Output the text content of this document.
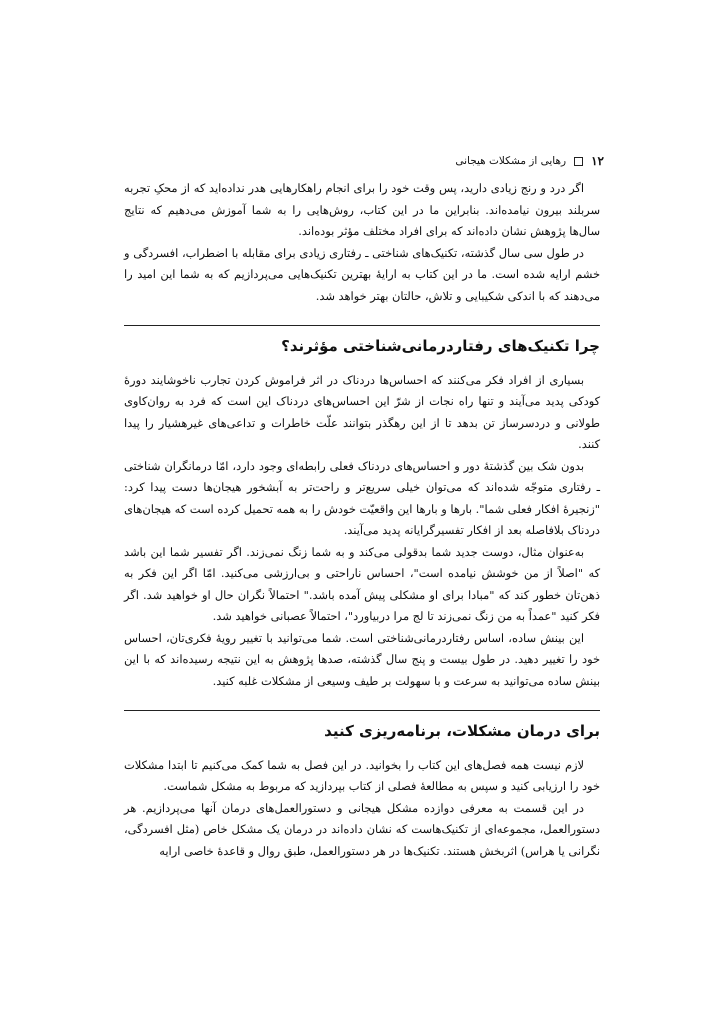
۱۲
رهایی از مشکلات هیجانی

اگر درد و رنج زیادی دارید، پس وقت خود را برای انجام راهکارهایی هدر نداده‌اید که از محکِ تجربه سربلند بیرون نیامده‌اند. بنابراین ما در این کتاب، روش‌هایی را به شما آموزش می‌دهیم که نتایج سال‌ها پژوهش نشان داده‌اند که برای افراد مختلف مؤثر بوده‌اند.

در طول سی سال گذشته، تکنیک‌های شناختی ـ رفتاری زیادی برای مقابله با اضطراب، افسردگی و خشم ارایه شده است. ما در این کتاب به ارایهٔ بهترین تکنیک‌هایی می‌پردازیم که به شما این امید را می‌دهند که با اندکی شکیبایی و تلاش، حالتان بهتر خواهد شد.

چرا تکنیک‌های رفتاردرمانی‌شناختی مؤثرند؟

بسیاری از افراد فکر می‌کنند که احساس‌ها دردناک در اثر فراموش کردن تجارب ناخوشایند دورهٔ کودکی پدید می‌آیند و تنها راه نجات از شرّ این احساس‌های دردناک این است که فرد به روان‌کاوی طولانی و دردسرساز تن بدهد تا از این رهگذر بتوانند علّت خاطرات و تداعی‌های غیرهشیار را پیدا کنند.

بدون شک بین گذشتهٔ دور و احساس‌های دردناک فعلی رابطه‌ای وجود دارد، امّا درمانگران شناختی ـ رفتاری متوجّه شده‌اند که می‌توان خیلی سریع‌تر و راحت‌تر به آبشخور هیجان‌ها دست پیدا کرد: "زنجیرهٔ افکار فعلی شما". بارها و بارها این واقعیّت خودش را به همه تحمیل کرده است که هیجان‌های دردناک بلافاصله بعد از افکار تفسیرگرایانه پدید می‌آیند.

به‌عنوان مثال، دوست جدید شما بدقولی می‌کند و به شما زنگ نمی‌زند. اگر تفسیر شما این باشد که "اصلاً از من خوشش نیامده است"، احساس ناراحتی و بی‌ارزشی می‌کنید. امّا اگر این فکر به ذهن‌تان خطور کند که "مبادا برای او مشکلی پیش آمده باشد." احتمالاً نگران حال او خواهید شد. اگر فکر کنید "عمداً به من زنگ نمی‌زند تا لج مرا دربیاورد"، احتمالاً عصبانی خواهید شد.

این بینش ساده، اساس رفتاردرمانی‌شناختی است. شما می‌توانید با تغییر رویهٔ فکری‌تان، احساس خود را تغییر دهید. در طول بیست و پنج سال گذشته، صدها پژوهش به این نتیجه رسیده‌اند که با این بینش ساده می‌توانید به سرعت و با سهولت بر طیف وسیعی از مشکلات غلبه کنید.

برای درمان مشکلات، برنامه‌ریزی کنید

لازم نیست همه فصل‌های این کتاب را بخوانید. در این فصل به شما کمک می‌کنیم تا ابتدا مشکلات خود را ارزیابی کنید و سپس به مطالعهٔ فصلی از کتاب بپردازید که مربوط به مشکل شماست.

در این قسمت به معرفی دوازده مشکل هیجانی و دستورالعمل‌های درمان آنها می‌پردازیم. هر دستورالعمل، مجموعه‌ای از تکنیک‌هاست که نشان داده‌اند در درمان یک مشکل خاص (مثل افسردگی، نگرانی یا هراس) اثربخش هستند. تکنیک‌ها در هر دستورالعمل، طبق روال و قاعدهٔ خاصی ارایه
